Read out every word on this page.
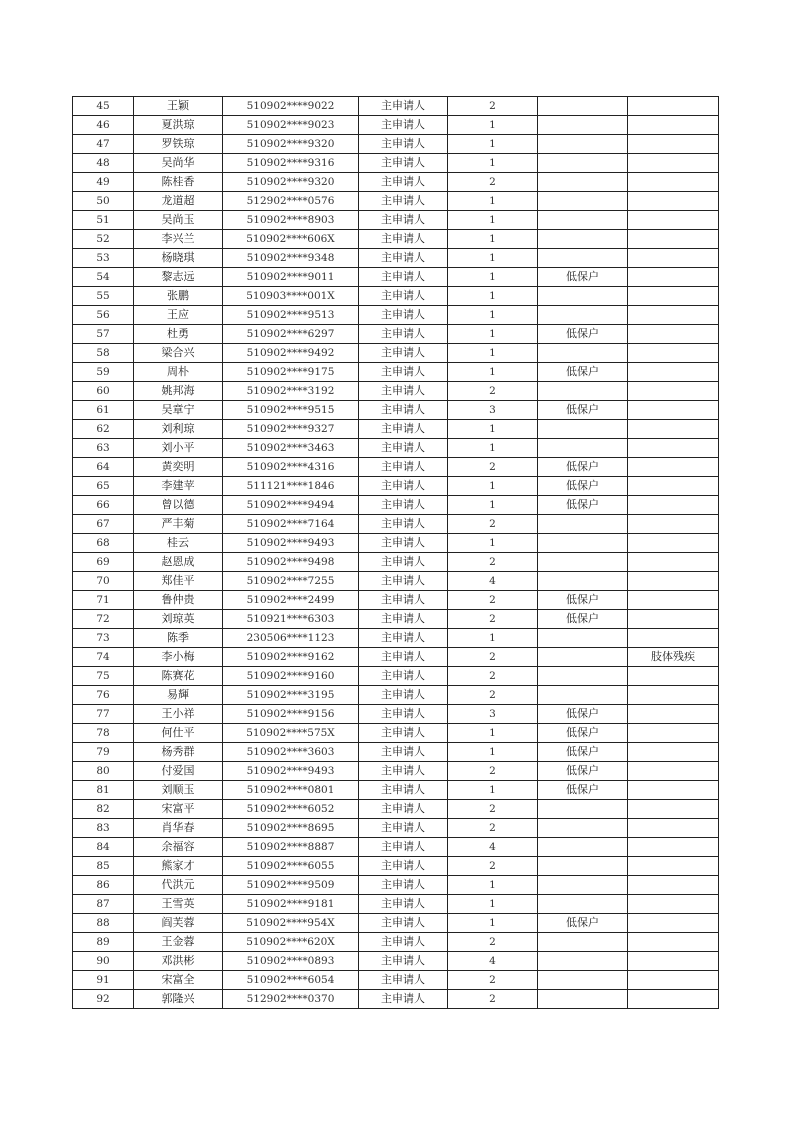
45	王颖	510902****9022	主申请人	2		
46	夏洪琼	510902****9023	主申请人	1		
47	罗铁琼	510902****9320	主申请人	1		
48	吴尚华	510902****9316	主申请人	1		
49	陈桂香	510902****9320	主申请人	2		
50	龙道超	512902****0576	主申请人	1		
51	吴尚玉	510902****8903	主申请人	1		
52	李兴兰	510902****606X	主申请人	1		
53	杨晓琪	510902****9348	主申请人	1		
54	黎志远	510902****9011	主申请人	1	低保户	
55	张鹏	510903****001X	主申请人	1		
56	王应	510902****9513	主申请人	1		
57	杜勇	510902****6297	主申请人	1	低保户	
58	梁合兴	510902****9492	主申请人	1		
59	周朴	510902****9175	主申请人	1	低保户	
60	姚邦海	510902****3192	主申请人	2		
61	吴章宁	510902****9515	主申请人	3	低保户	
62	刘利琼	510902****9327	主申请人	1		
63	刘小平	510902****3463	主申请人	1		
64	黄奕明	510902****4316	主申请人	2	低保户	
65	李建苹	511121****1846	主申请人	1	低保户	
66	曾以德	510902****9494	主申请人	1	低保户	
67	严丰菊	510902****7164	主申请人	2		
68	桂云	510902****9493	主申请人	1		
69	赵恩成	510902****9498	主申请人	2		
70	郑佳平	510902****7255	主申请人	4		
71	鲁仲贵	510902****2499	主申请人	2	低保户	
72	刘琼英	510921****6303	主申请人	2	低保户	
73	陈季	230506****1123	主申请人	1		
74	李小梅	510902****9162	主申请人	2		肢体残疾
75	陈赛花	510902****9160	主申请人	2		
76	易輝	510902****3195	主申请人	2		
77	王小祥	510902****9156	主申请人	3	低保户	
78	何仕平	510902****575X	主申请人	1	低保户	
79	杨秀群	510902****3603	主申请人	1	低保户	
80	付爱国	510902****9493	主申请人	2	低保户	
81	刘顺玉	510902****0801	主申请人	1	低保户	
82	宋富平	510902****6052	主申请人	2		
83	肖华春	510902****8695	主申请人	2		
84	余福容	510902****8887	主申请人	4		
85	熊家才	510902****6055	主申请人	2		
86	代洪元	510902****9509	主申请人	1		
87	王雪英	510902****9181	主申请人	1		
88	阎芙蓉	510902****954X	主申请人	1	低保户	
89	王金蓉	510902****620X	主申请人	2		
90	邓洪彬	510902****0893	主申请人	4		
91	宋富全	510902****6054	主申请人	2		
92	郭隆兴	512902****0370	主申请人	2		
